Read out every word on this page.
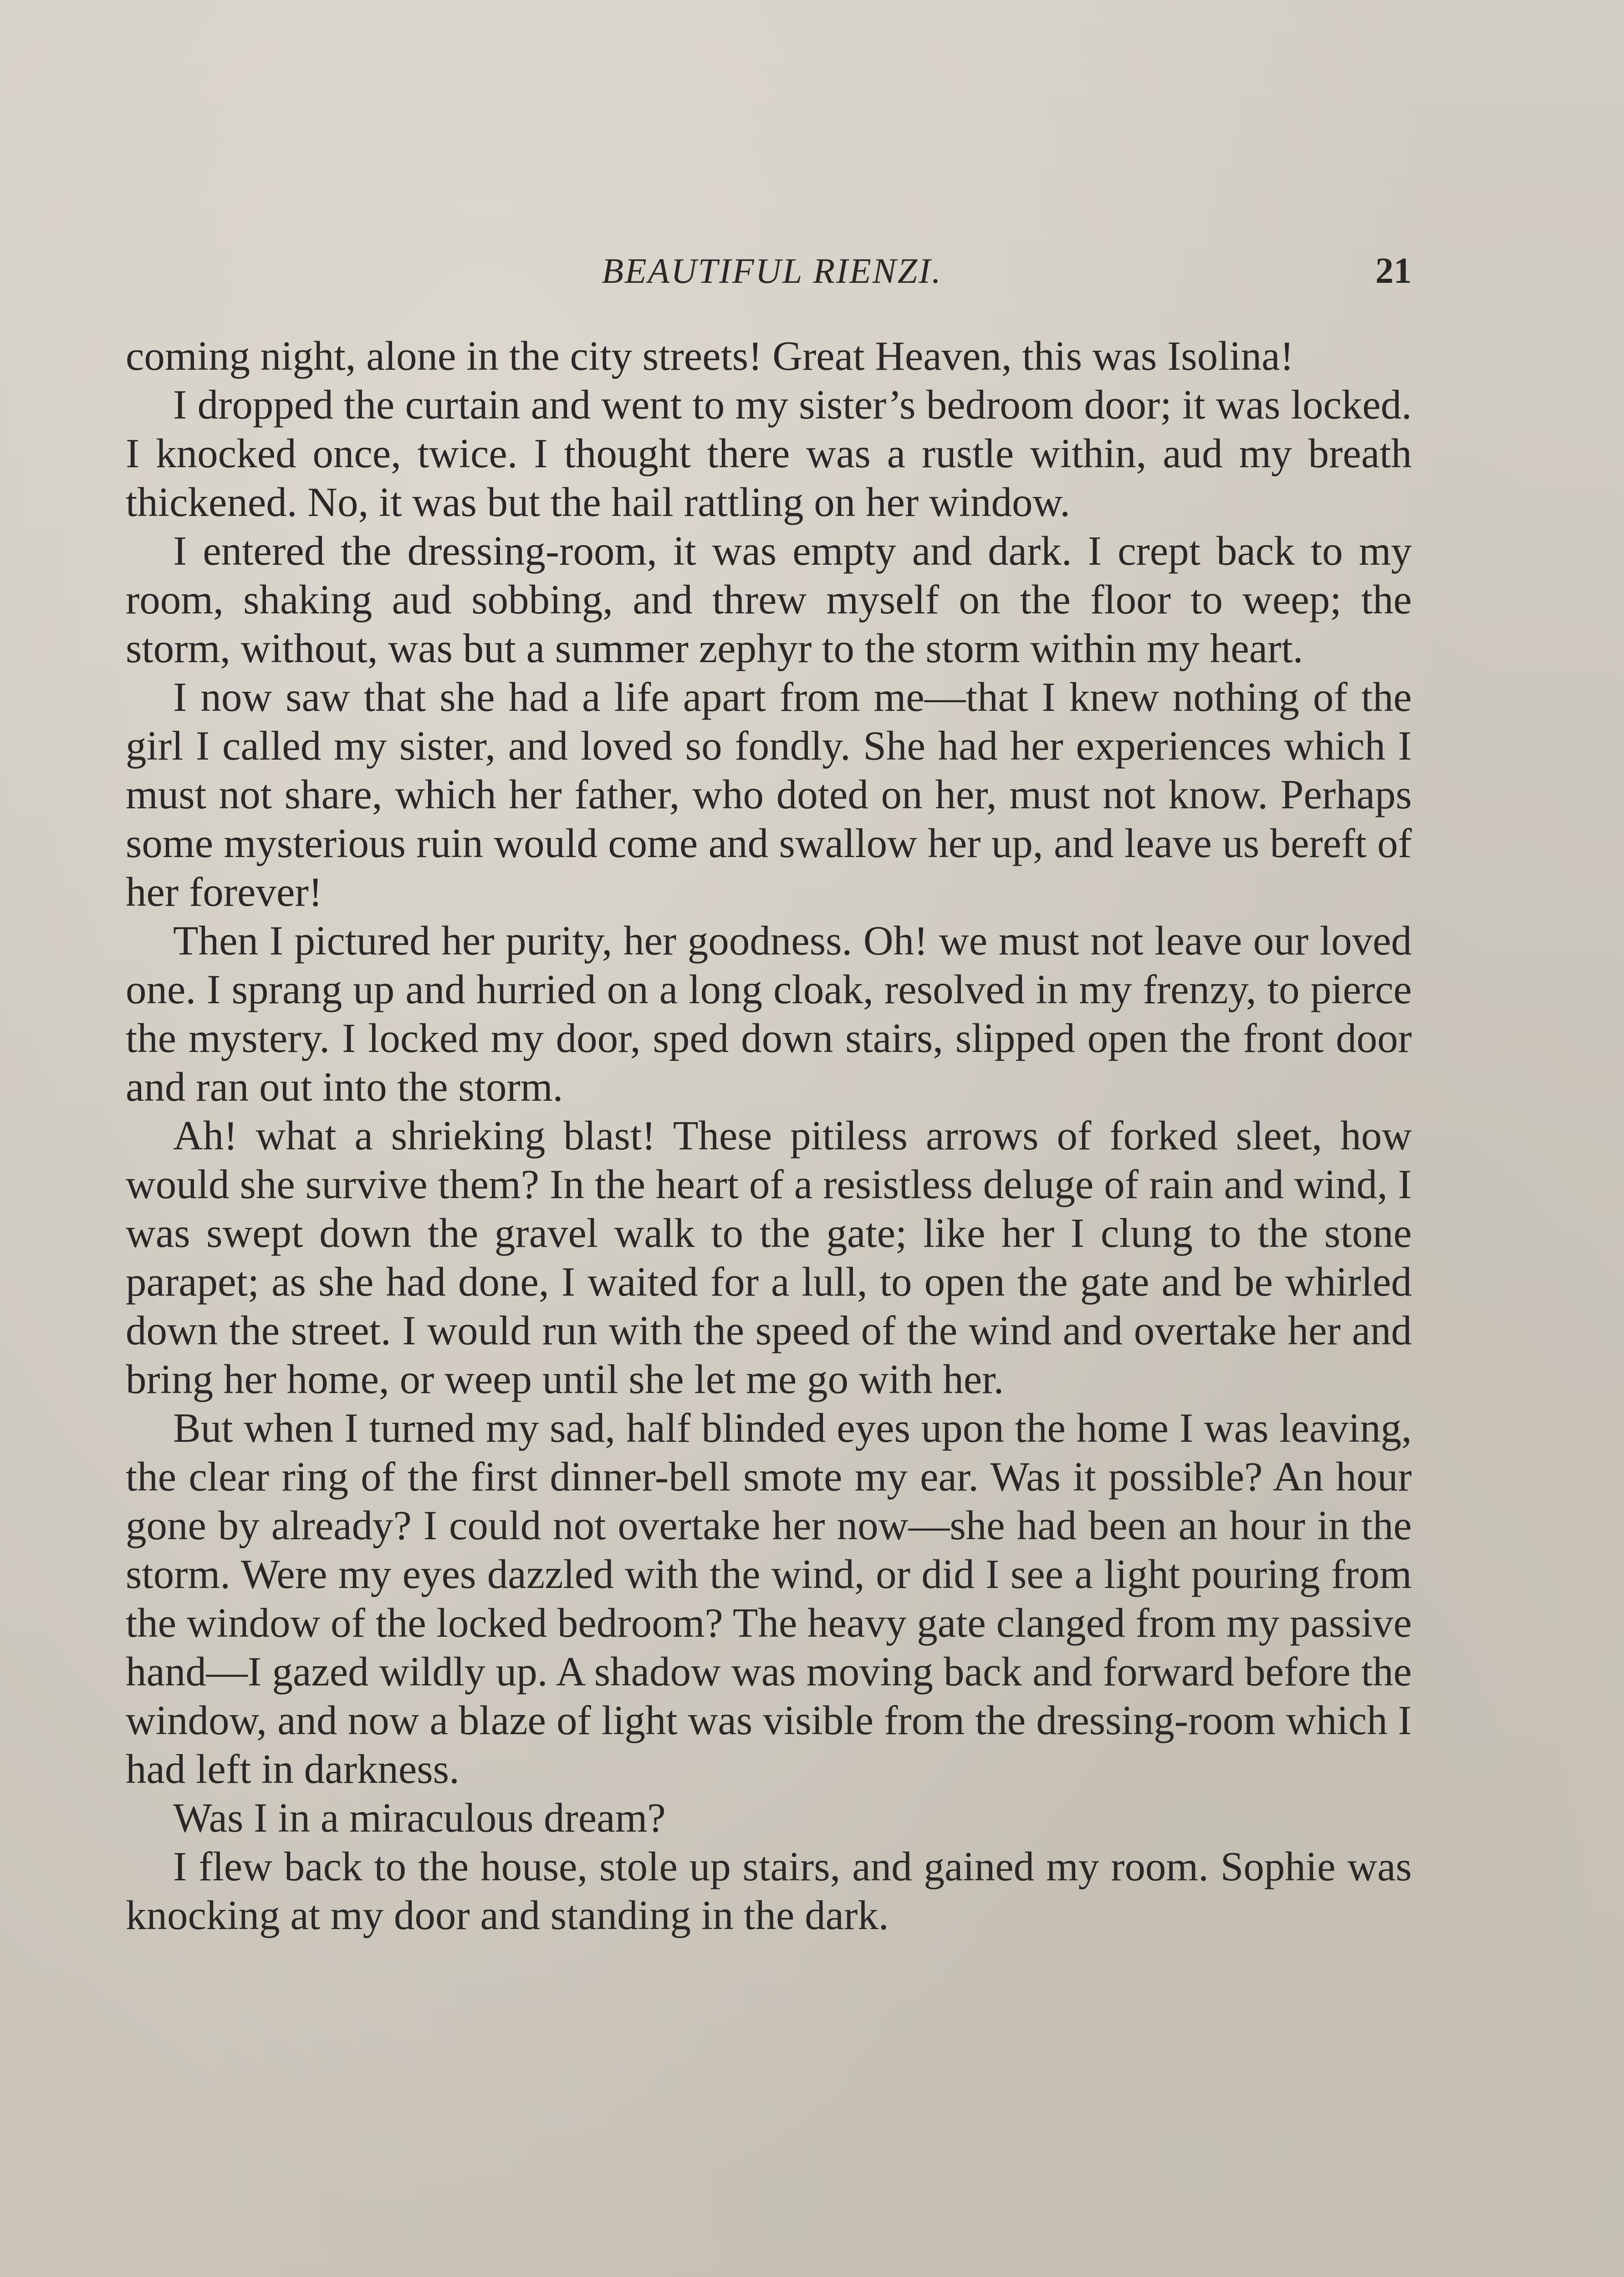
BEAUTIFUL RIENZI.	21

coming night, alone in the city streets! Great Heaven, this was Isolina!

I dropped the curtain and went to my sister’s bedroom door; it was locked. I knocked once, twice. I thought there was a rustle within, aud my breath thickened. No, it was but the hail rattling on her window.

I entered the dressing-room, it was empty and dark. I crept back to my room, shaking aud sobbing, and threw myself on the floor to weep; the storm, without, was but a summer zephyr to the storm within my heart.

I now saw that she had a life apart from me—that I knew nothing of the girl I called my sister, and loved so fondly. She had her experiences which I must not share, which her father, who doted on her, must not know. Perhaps some mysterious ruin would come and swallow her up, and leave us bereft of her forever!

Then I pictured her purity, her goodness. Oh! we must not leave our loved one. I sprang up and hurried on a long cloak, resolved in my frenzy, to pierce the mystery. I locked my door, sped down stairs, slipped open the front door and ran out into the storm.

Ah! what a shrieking blast! These pitiless arrows of forked sleet, how would she survive them? In the heart of a resistless deluge of rain and wind, I was swept down the gravel walk to the gate; like her I clung to the stone parapet; as she had done, I waited for a lull, to open the gate and be whirled down the street. I would run with the speed of the wind and overtake her and bring her home, or weep until she let me go with her.

But when I turned my sad, half blinded eyes upon the home I was leaving, the clear ring of the first dinner-bell smote my ear. Was it possible? An hour gone by already? I could not overtake her now—she had been an hour in the storm. Were my eyes dazzled with the wind, or did I see a light pouring from the window of the locked bedroom? The heavy gate clanged from my passive hand—I gazed wildly up. A shadow was moving back and forward before the window, and now a blaze of light was visible from the dressing-room which I had left in darkness.

Was I in a miraculous dream?

I flew back to the house, stole up stairs, and gained my room. Sophie was knocking at my door and standing in the dark.
